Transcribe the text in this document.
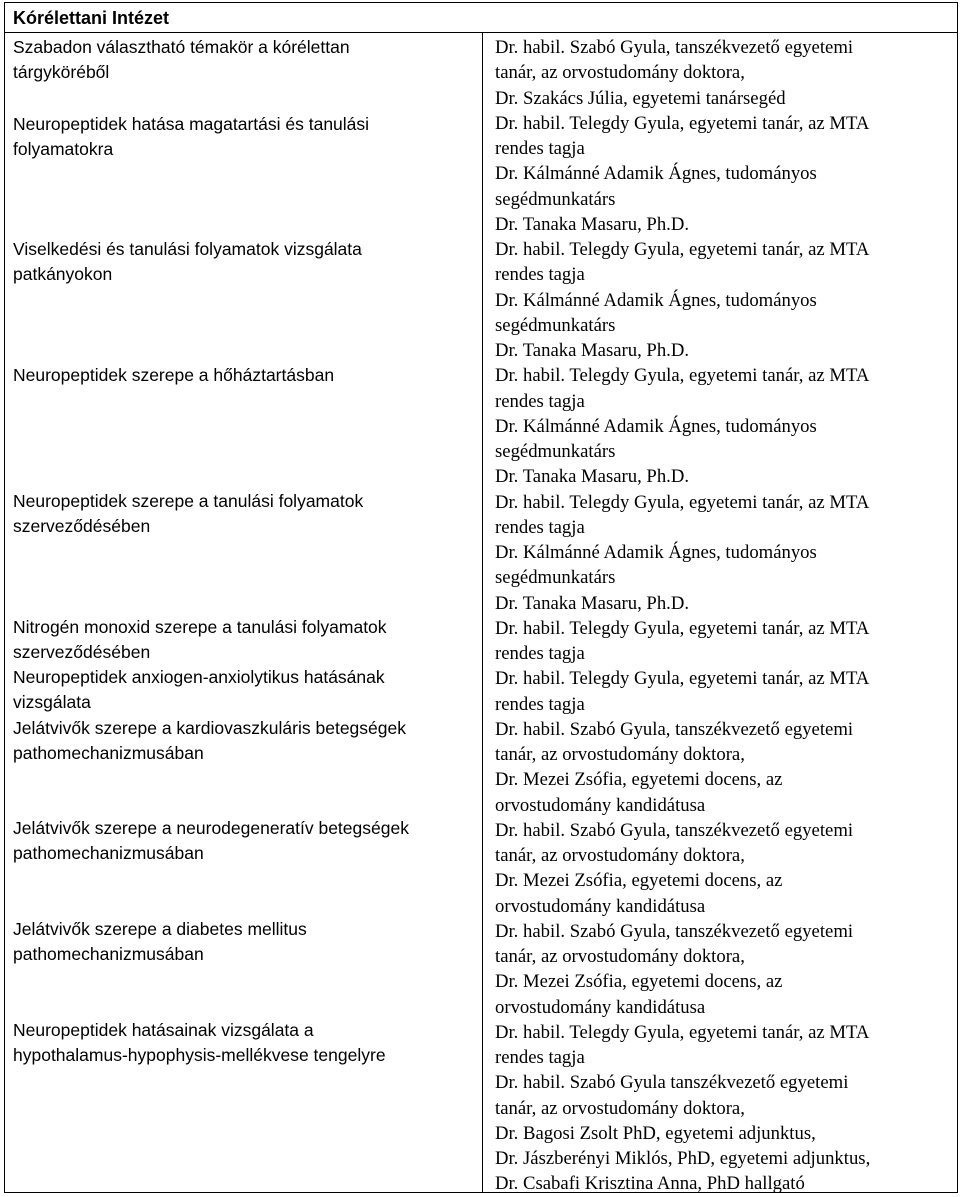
Kórélettani Intézet

Szabadon választható témakör a kórélettan

tárgyköréből

Neuropeptidek hatása magatartási és tanulási

folyamatokra

Viselkedési és tanulási folyamatok vizsgálata

patkányokon

Neuropeptidek szerepe a hőháztartásban

Neuropeptidek szerepe a tanulási folyamatok

szerveződésében

Nitrogén monoxid szerepe a tanulási folyamatok

szerveződésében

Neuropeptidek anxiogen-anxiolytikus hatásának

vizsgálata

Jelátvivők szerepe a kardiovaszkuláris betegségek

pathomechanizmusában

Jelátvivők szerepe a neurodegeneratív betegségek

pathomechanizmusában

Jelátvivők szerepe a diabetes mellitus

pathomechanizmusában

Neuropeptidek hatásainak vizsgálata a

hypothalamus-hypophysis-mellékvese tengelyre

Dr. habil. Szabó Gyula, tanszékvezető egyetemi

tanár, az orvostudomány doktora,

Dr. Szakács Júlia, egyetemi tanársegéd

Dr. habil. Telegdy Gyula, egyetemi tanár, az MTA

rendes tagja

Dr. Kálmánné Adamik Ágnes, tudományos

segédmunkatárs

Dr. Tanaka Masaru, Ph.D.

Dr. habil. Telegdy Gyula, egyetemi tanár, az MTA

rendes tagja

Dr. Kálmánné Adamik Ágnes, tudományos

segédmunkatárs

Dr. Tanaka Masaru, Ph.D.

Dr. habil. Telegdy Gyula, egyetemi tanár, az MTA

rendes tagja

Dr. Kálmánné Adamik Ágnes, tudományos

segédmunkatárs

Dr. Tanaka Masaru, Ph.D.

Dr. habil. Telegdy Gyula, egyetemi tanár, az MTA

rendes tagja

Dr. Kálmánné Adamik Ágnes, tudományos

segédmunkatárs

Dr. Tanaka Masaru, Ph.D.

Dr. habil. Telegdy Gyula, egyetemi tanár, az MTA

rendes tagja

Dr. habil. Telegdy Gyula, egyetemi tanár, az MTA

rendes tagja

Dr. habil. Szabó Gyula, tanszékvezető egyetemi

tanár, az orvostudomány doktora,

Dr. Mezei Zsófia, egyetemi docens, az

orvostudomány kandidátusa

Dr. habil. Szabó Gyula, tanszékvezető egyetemi

tanár, az orvostudomány doktora,

Dr. Mezei Zsófia, egyetemi docens, az

orvostudomány kandidátusa

Dr. habil. Szabó Gyula, tanszékvezető egyetemi

tanár, az orvostudomány doktora,

Dr. Mezei Zsófia, egyetemi docens, az

orvostudomány kandidátusa

Dr. habil. Telegdy Gyula, egyetemi tanár, az MTA

rendes tagja

Dr. habil. Szabó Gyula tanszékvezető egyetemi

tanár, az orvostudomány doktora,

Dr. Bagosi Zsolt PhD, egyetemi adjunktus,

Dr. Jászberényi Miklós, PhD, egyetemi adjunktus,

Dr. Csabafi Krisztina Anna, PhD hallgató
